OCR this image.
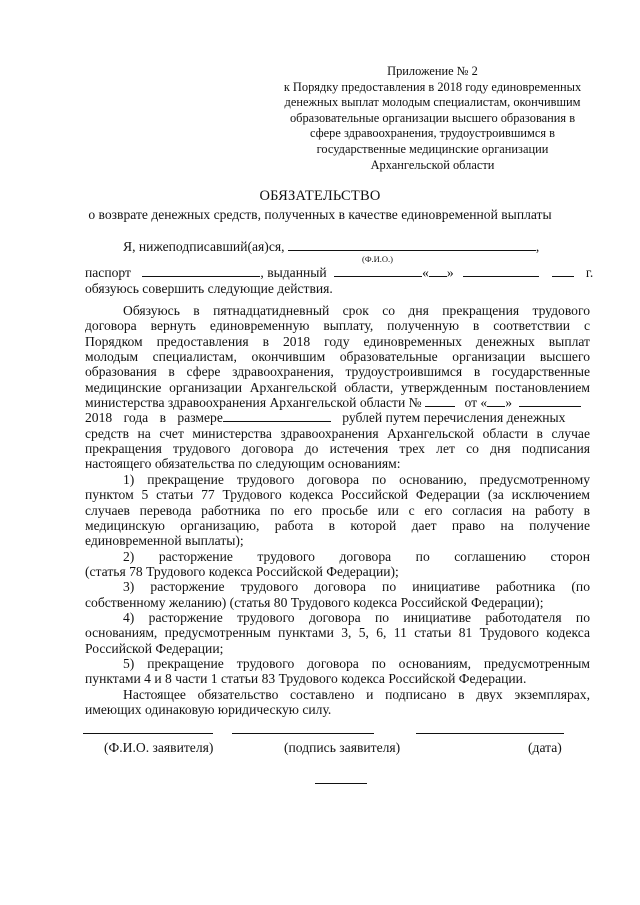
Приложение № 2
к Порядку предоставления в 2018 году единовременных
денежных выплат молодым специалистам, окончившим
образовательные организации высшего образования в
сфере здравоохранения, трудоустроившимся в
государственные медицинские организации
Архангельской области
ОБЯЗАТЕЛЬСТВО
о возврате денежных средств, полученных в качестве единовременной выплаты
Я, нижеподписавший(ая)ся,	,
(Ф.И.О.)
паспорт	, выданный	« »	г.
обязуюсь совершить следующие действия.
Обязуюсь в пятнадцатидневный срок со дня прекращения трудового
договора вернуть единовременную выплату, полученную в соответствии с
Порядком предоставления в 2018 году единовременных денежных выплат
молодым специалистам, окончившим образовательные организации высшего
образования в сфере здравоохранения, трудоустроившимся в государственные
медицинские организации Архангельской области, утвержденным постановлением
министерства здравоохранения Архангельской области №	от « »
2018 года в размере	рублей путем перечисления денежных
средств на счет министерства здравоохранения Архангельской области в случае
прекращения трудового договора до истечения трех лет со дня подписания
настоящего обязательства по следующим основаниям:
1) прекращение трудового договора по основанию, предусмотренному
пунктом 5 статьи 77 Трудового кодекса Российской Федерации (за исключением
случаев перевода работника по его просьбе или с его согласия на работу в
медицинскую организацию, работа в которой дает право на получение
единовременной выплаты);
2) расторжение трудового договора по соглашению сторон
(статья 78 Трудового кодекса Российской Федерации);
3) расторжение трудового договора по инициативе работника (по
собственному желанию) (статья 80 Трудового кодекса Российской Федерации);
4) расторжение трудового договора по инициативе работодателя по
основаниям, предусмотренным пунктами 3, 5, 6, 11 статьи 81 Трудового кодекса
Российской Федерации;
5) прекращение трудового договора по основаниям, предусмотренным
пунктами 4 и 8 части 1 статьи 83 Трудового кодекса Российской Федерации.
Настоящее обязательство составлено и подписано в двух экземплярах,
имеющих одинаковую юридическую силу.
(Ф.И.О. заявителя)	(подпись заявителя)	(дата)
